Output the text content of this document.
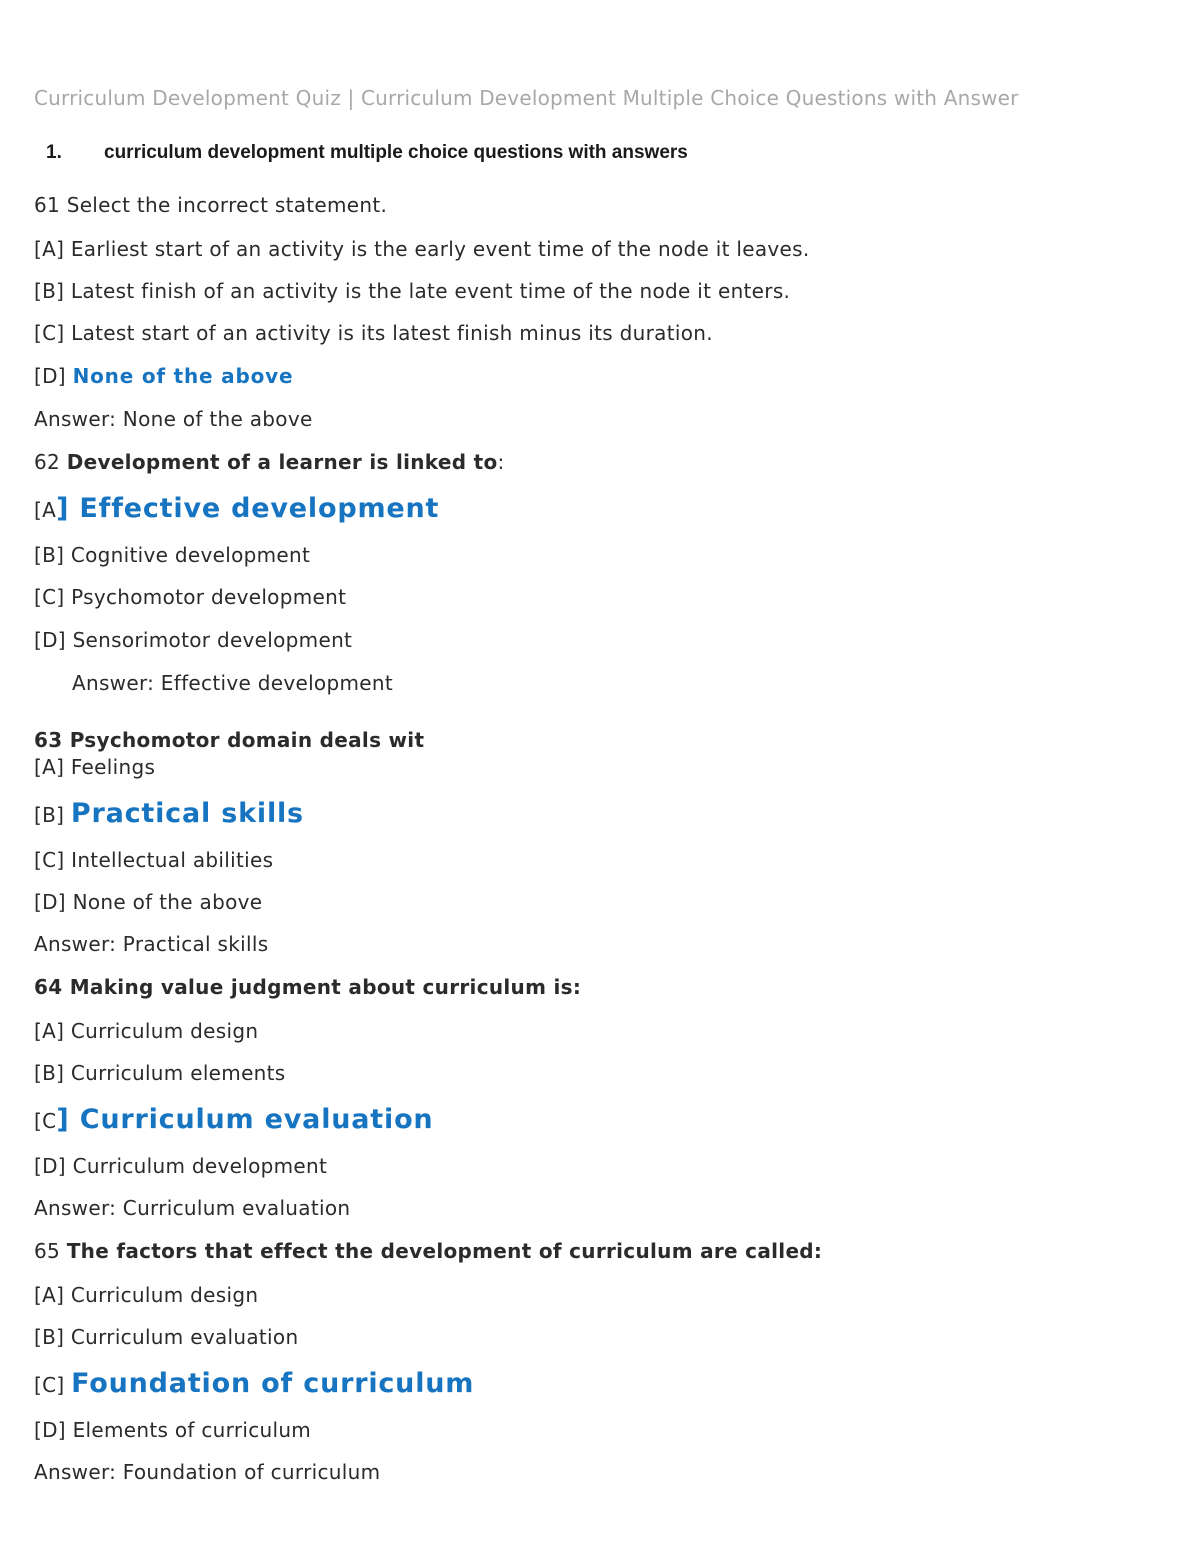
Curriculum Development Quiz | Curriculum Development Multiple Choice Questions with Answer
1. curriculum development multiple choice questions with answers
61 Select the incorrect statement.
[A] Earliest start of an activity is the early event time of the node it leaves.
[B] Latest finish of an activity is the late event time of the node it enters.
[C] Latest start of an activity is its latest finish minus its duration.
[D] None of the above
Answer: None of the above
62 Development of a learner is linked to:
[A] Effective development
[B] Cognitive development
[C] Psychomotor development
[D] Sensorimotor development
Answer: Effective development
63 Psychomotor domain deals wit
[A] Feelings
[B] Practical skills
[C] Intellectual abilities
[D] None of the above
Answer: Practical skills
64 Making value judgment about curriculum is:
[A] Curriculum design
[B] Curriculum elements
[C] Curriculum evaluation
[D] Curriculum development
Answer: Curriculum evaluation
65 The factors that effect the development of curriculum are called:
[A] Curriculum design
[B] Curriculum evaluation
[C] Foundation of curriculum
[D] Elements of curriculum
Answer: Foundation of curriculum
